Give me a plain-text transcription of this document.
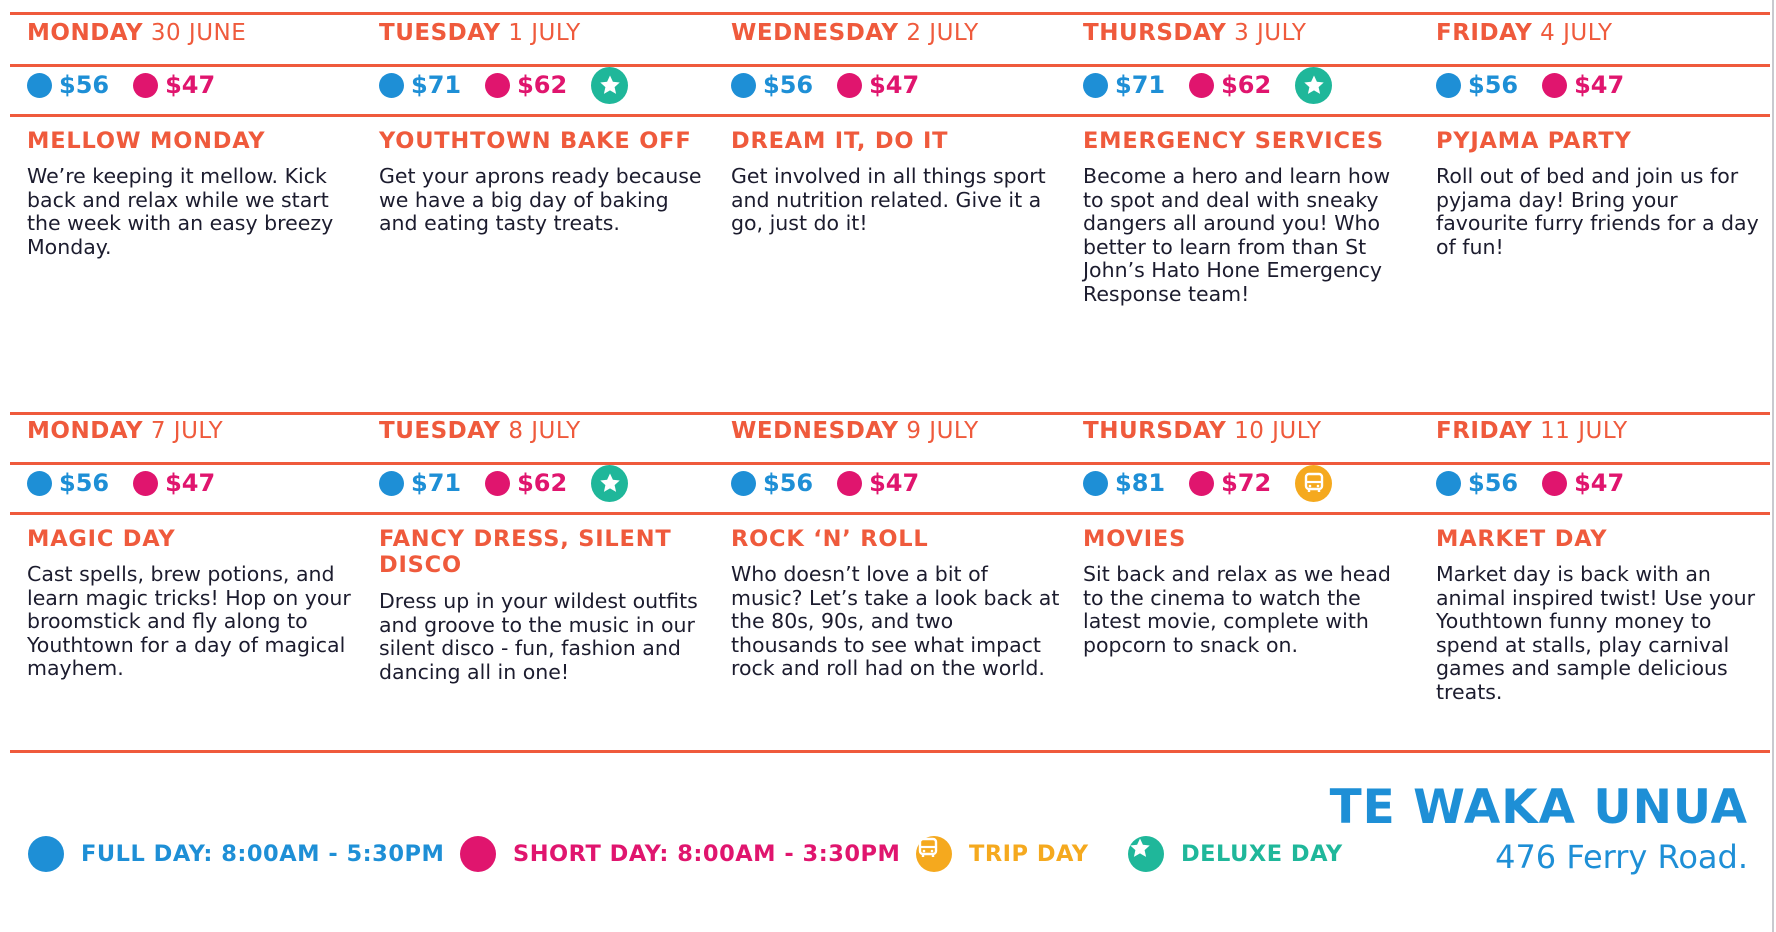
MONDAY 30 JUNE
$56 $47
MELLOW MONDAY
We’re keeping it mellow. Kick back and relax while we start the week with an easy breezy Monday.
TUESDAY 1 JULY
$71 $62
YOUTHTOWN BAKE OFF
Get your aprons ready because we have a big day of baking and eating tasty treats.
WEDNESDAY 2 JULY
$56 $47
DREAM IT, DO IT
Get involved in all things sport and nutrition related. Give it a go, just do it!
THURSDAY 3 JULY
$71 $62
EMERGENCY SERVICES
Become a hero and learn how to spot and deal with sneaky dangers all around you! Who better to learn from than St John’s Hato Hone Emergency Response team!
FRIDAY 4 JULY
$56 $47
PYJAMA PARTY
Roll out of bed and join us for pyjama day! Bring your favourite furry friends for a day of fun!
MONDAY 7 JULY
$56 $47
MAGIC DAY
Cast spells, brew potions, and learn magic tricks! Hop on your broomstick and fly along to Youthtown for a day of magical mayhem.
TUESDAY 8 JULY
$71 $62
FANCY DRESS, SILENT DISCO
Dress up in your wildest outfits and groove to the music in our silent disco - fun, fashion and dancing all in one!
WEDNESDAY 9 JULY
$56 $47
ROCK ‘N’ ROLL
Who doesn’t love a bit of music? Let’s take a look back at the 80s, 90s, and two thousands to see what impact rock and roll had on the world.
THURSDAY 10 JULY
$81 $72
MOVIES
Sit back and relax as we head to the cinema to watch the latest movie, complete with popcorn to snack on.
FRIDAY 11 JULY
$56 $47
MARKET DAY
Market day is back with an animal inspired twist! Use your Youthtown funny money to spend at stalls, play carnival games and sample delicious treats.
FULL DAY: 8:00AM - 5:30PM	SHORT DAY: 8:00AM - 3:30PM	TRIP DAY	DELUXE DAY
TE WAKA UNUA
476 Ferry Road.
